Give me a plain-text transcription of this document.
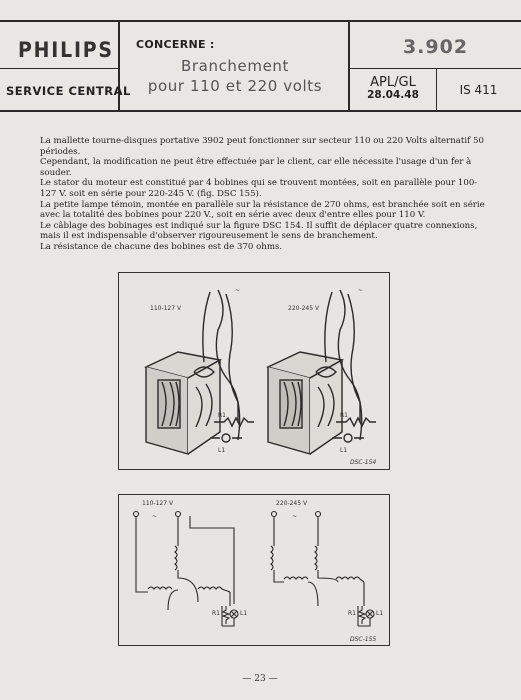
PHILIPS
SERVICE CENTRAL
CONCERNE :
Branchement
pour 110 et 220 volts
3.902
APL/GL
28.04.48	IS 411

La mallette tourne-disques portative 3902 peut fonctionner sur secteur 110 ou 220 Volts alternatif 50 périodes.

Cependant, la modification ne peut être effectuée par le client, car elle nécessite l'usage d'un fer à souder.

Le stator du moteur est constitué par 4 bobines qui se trouvent montées, soit en parallèle pour 100-127 V. soit en série pour 220-245 V. (fig. DSC 155).

La petite lampe témoin, montée en parallèle sur la résistance de 270 ohms, est branchée soit en série avec la totalité des bobines pour 220 V., soit en série avec deux d'entre elles pour 110 V.

Le câblage des bobinages est indiqué sur la figure DSC 154. Il suffit de déplacer quatre connexions, mais il est indispensable d'observer rigoureusement le sens de branchement.

La résistance de chacune des bobines est de 370 ohms.

110-127 V	220-245 V
~	~
R1
L1
R1
L1
DSC-154
110-127 V	220-245 V
~	~
R1	L1	R1	L1
DSC-155
— 23 —
